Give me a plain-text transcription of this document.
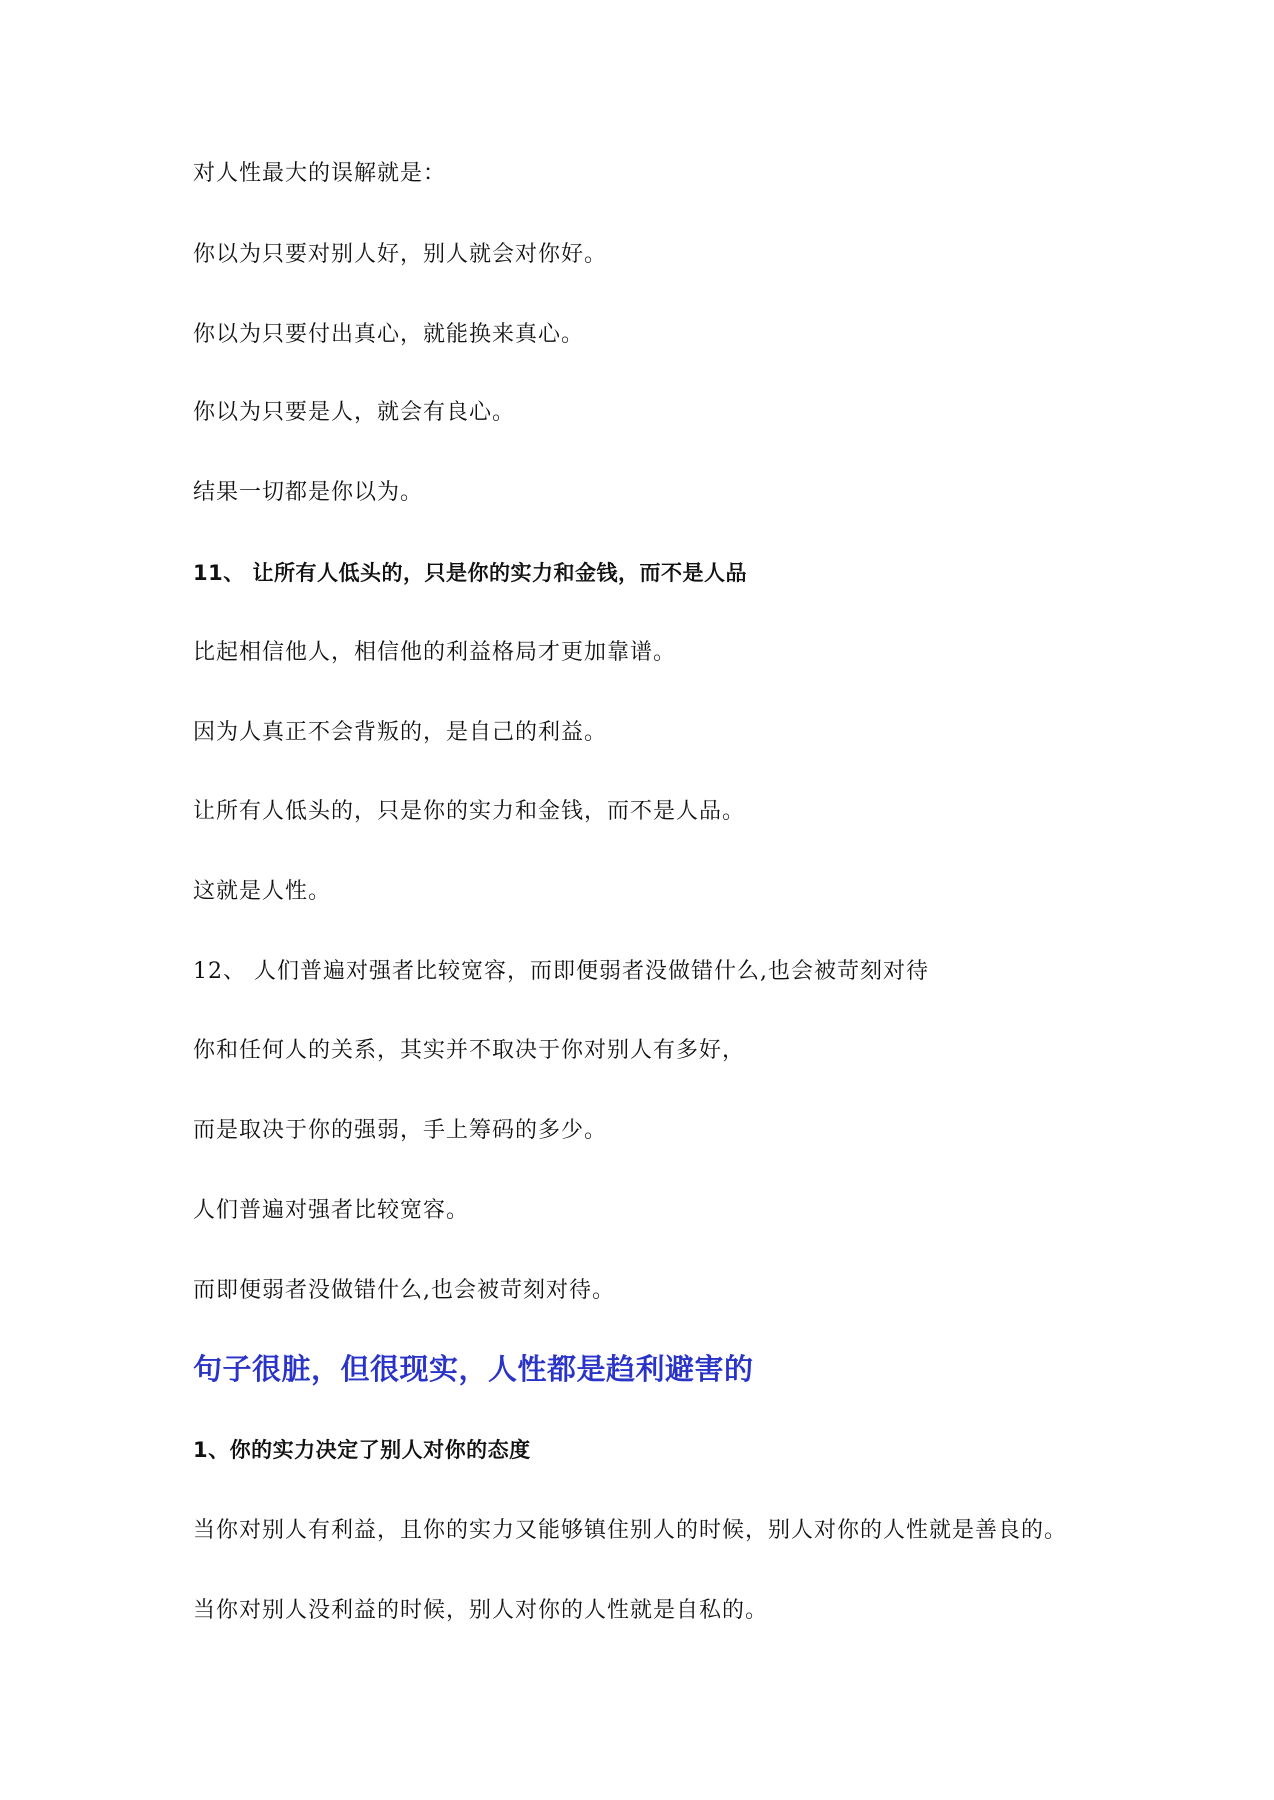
对人性最大的误解就是：
你以为只要对别人好，别人就会对你好。
你以为只要付出真心，就能换来真心。
你以为只要是人，就会有良心。
结果一切都是你以为。
11、 让所有人低头的，只是你的实力和金钱，而不是人品
比起相信他人，相信他的利益格局才更加靠谱。
因为人真正不会背叛的，是自己的利益。
让所有人低头的，只是你的实力和金钱，而不是人品。
这就是人性。
12、 人们普遍对强者比较宽容，而即便弱者没做错什么,也会被苛刻对待
你和任何人的关系，其实并不取决于你对别人有多好，
而是取决于你的强弱，手上筹码的多少。
人们普遍对强者比较宽容。
而即便弱者没做错什么,也会被苛刻对待。
句子很脏，但很现实，人性都是趋利避害的
1、你的实力决定了别人对你的态度
当你对别人有利益，且你的实力又能够镇住别人的时候，别人对你的人性就是善良的。
当你对别人没利益的时候，别人对你的人性就是自私的。
